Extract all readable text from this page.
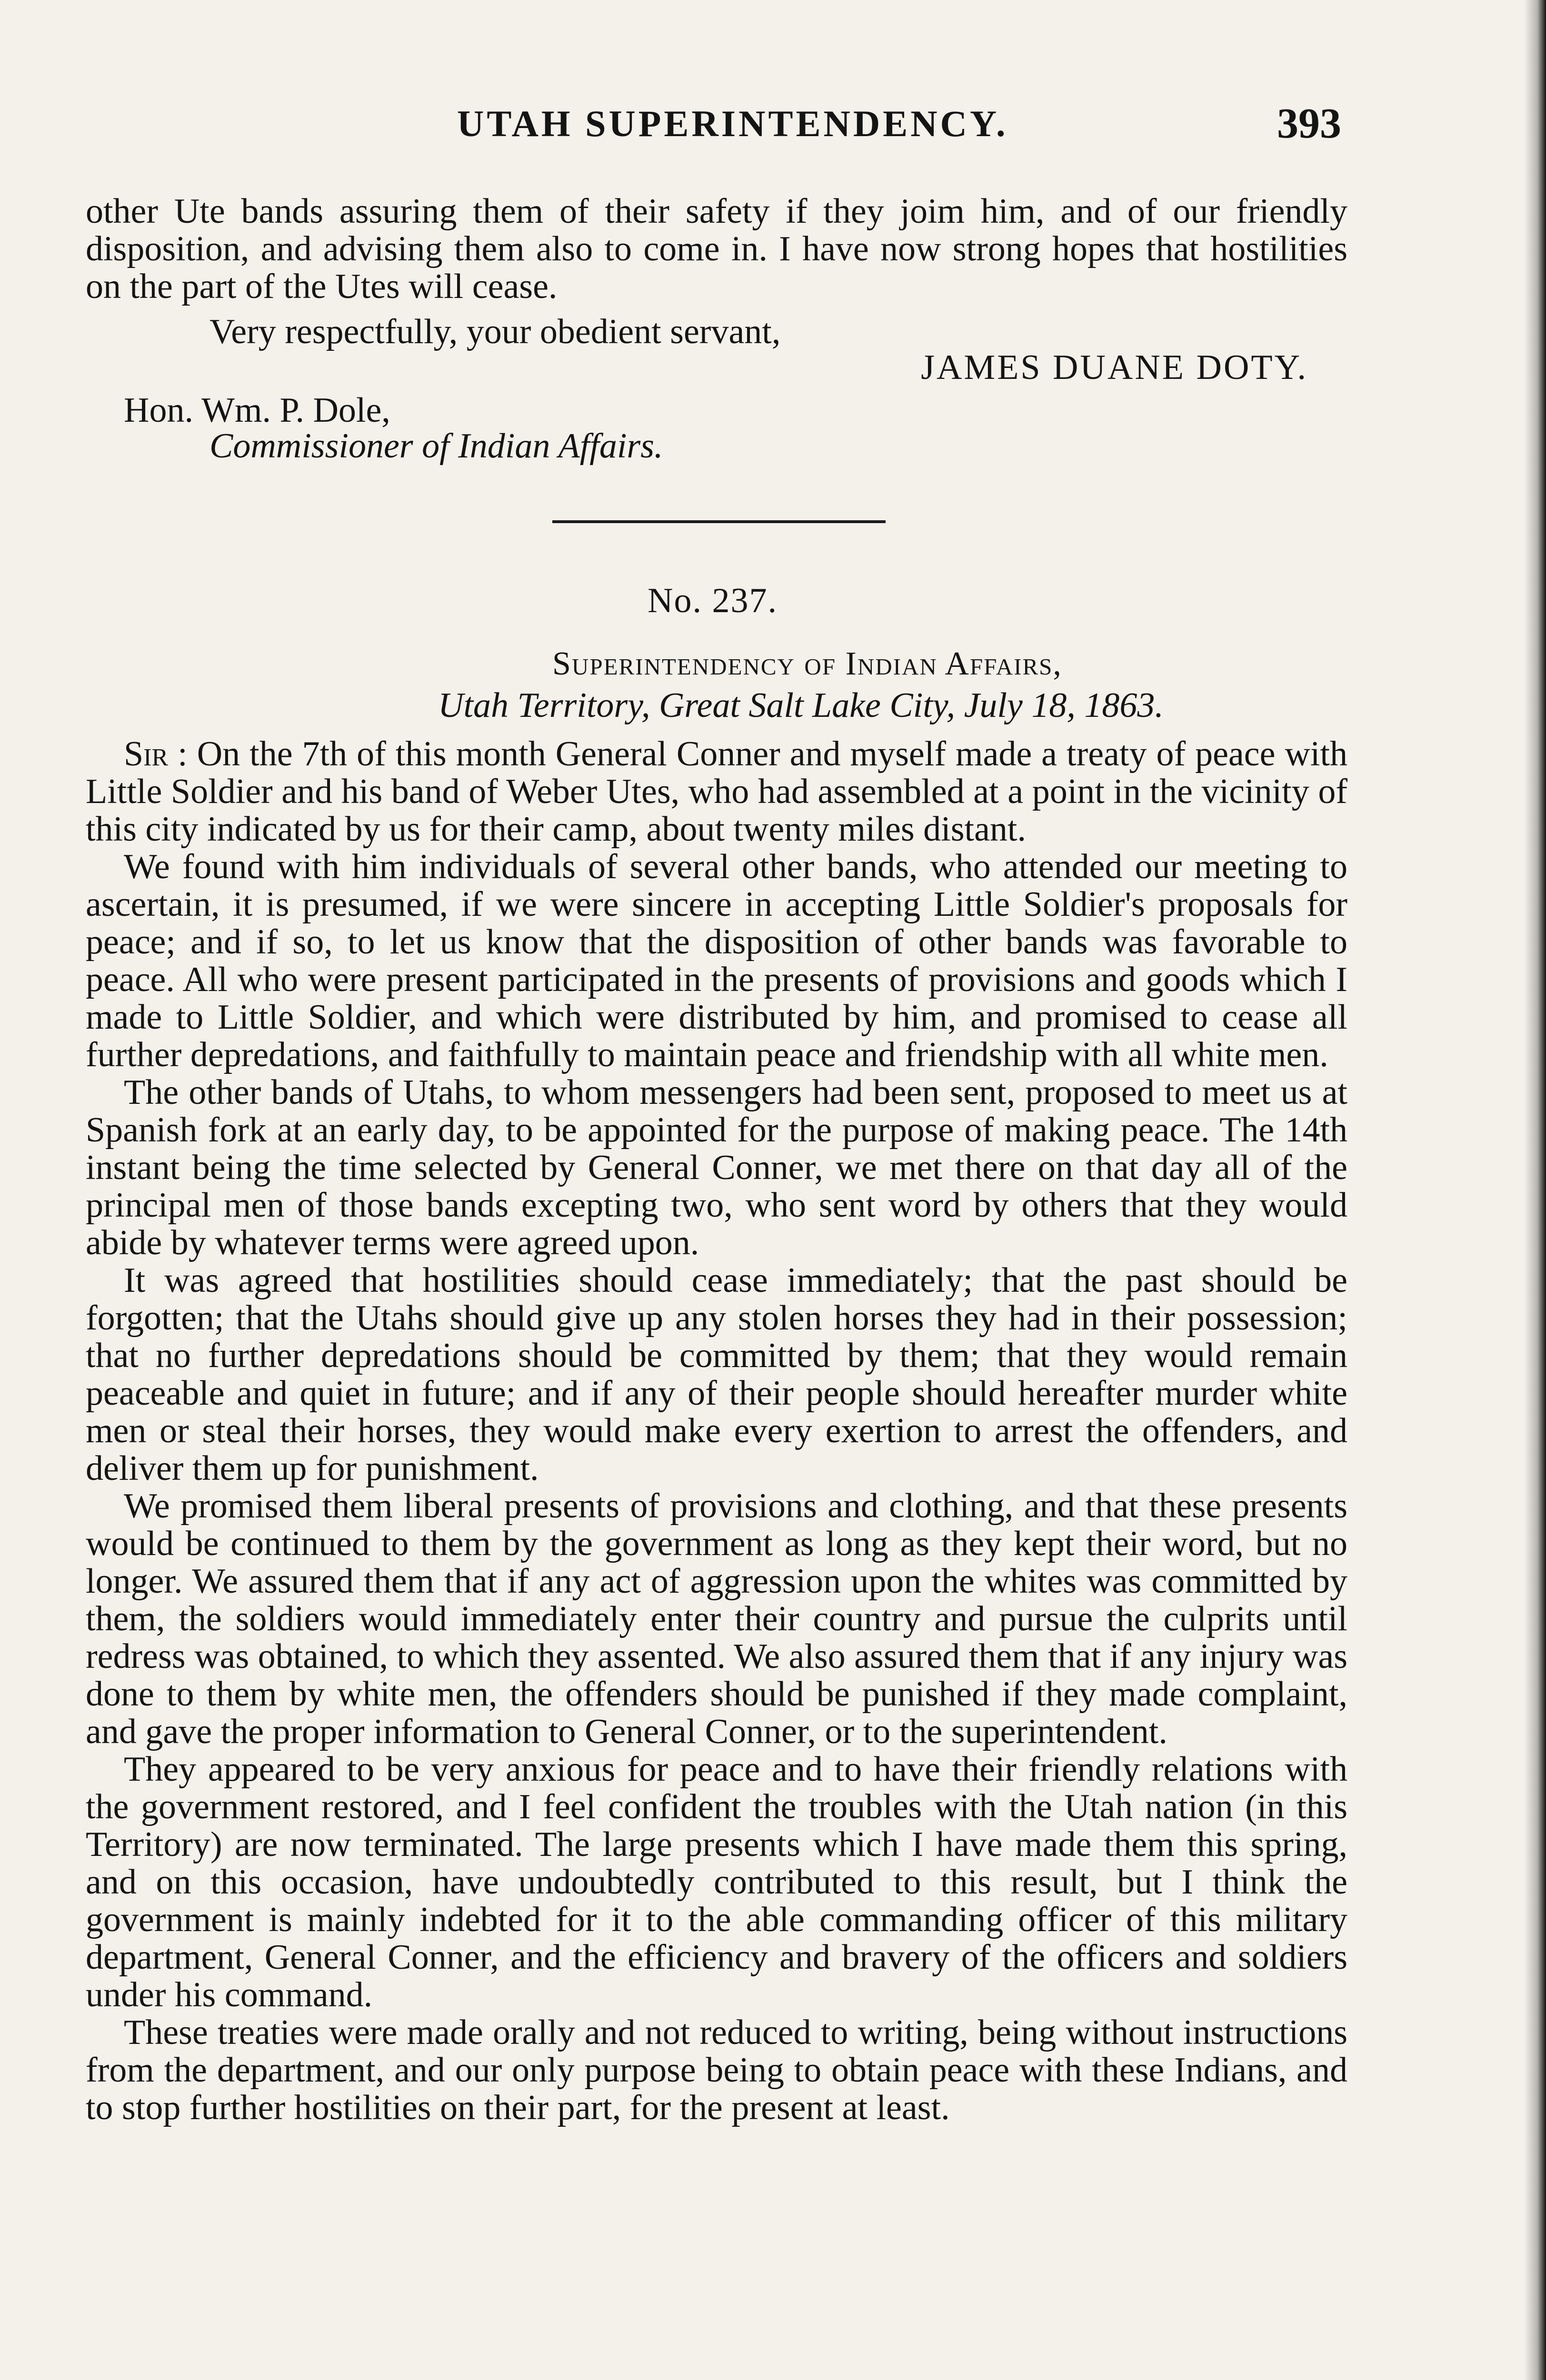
UTAH SUPERINTENDENCY.	393

other Ute bands assuring them of their safety if they joim him, and of our friendly disposition, and advising them also to come in. I have now strong hopes that hostilities on the part of the Utes will cease.

Very respectfully, your obedient servant,
JAMES DUANE DOTY.
Hon. Wm. P. Dole,
Commissioner of Indian Affairs.
No. 237.
Superintendency of Indian Affairs,
Utah Territory, Great Salt Lake City, July 18, 1863.

Sir : On the 7th of this month General Conner and myself made a treaty of peace with Little Soldier and his band of Weber Utes, who had assembled at a point in the vicinity of this city indicated by us for their camp, about twenty miles distant.

We found with him individuals of several other bands, who attended our meeting to ascertain, it is presumed, if we were sincere in accepting Little Soldier's proposals for peace; and if so, to let us know that the disposition of other bands was favorable to peace. All who were present participated in the presents of provisions and goods which I made to Little Soldier, and which were distributed by him, and promised to cease all further depredations, and faithfully to maintain peace and friendship with all white men.

The other bands of Utahs, to whom messengers had been sent, proposed to meet us at Spanish fork at an early day, to be appointed for the purpose of making peace. The 14th instant being the time selected by General Conner, we met there on that day all of the principal men of those bands excepting two, who sent word by others that they would abide by whatever terms were agreed upon.

It was agreed that hostilities should cease immediately; that the past should be forgotten; that the Utahs should give up any stolen horses they had in their possession; that no further depredations should be committed by them; that they would remain peaceable and quiet in future; and if any of their people should hereafter murder white men or steal their horses, they would make every exertion to arrest the offenders, and deliver them up for punishment.

We promised them liberal presents of provisions and clothing, and that these presents would be continued to them by the government as long as they kept their word, but no longer. We assured them that if any act of aggression upon the whites was committed by them, the soldiers would immediately enter their country and pursue the culprits until redress was obtained, to which they assented. We also assured them that if any injury was done to them by white men, the offenders should be punished if they made complaint, and gave the proper information to General Conner, or to the superintendent.

They appeared to be very anxious for peace and to have their friendly relations with the government restored, and I feel confident the troubles with the Utah nation (in this Territory) are now terminated. The large presents which I have made them this spring, and on this occasion, have undoubtedly contributed to this result, but I think the government is mainly indebted for it to the able commanding officer of this military department, General Conner, and the efficiency and bravery of the officers and soldiers under his command.

These treaties were made orally and not reduced to writing, being without instructions from the department, and our only purpose being to obtain peace with these Indians, and to stop further hostilities on their part, for the present at least.
